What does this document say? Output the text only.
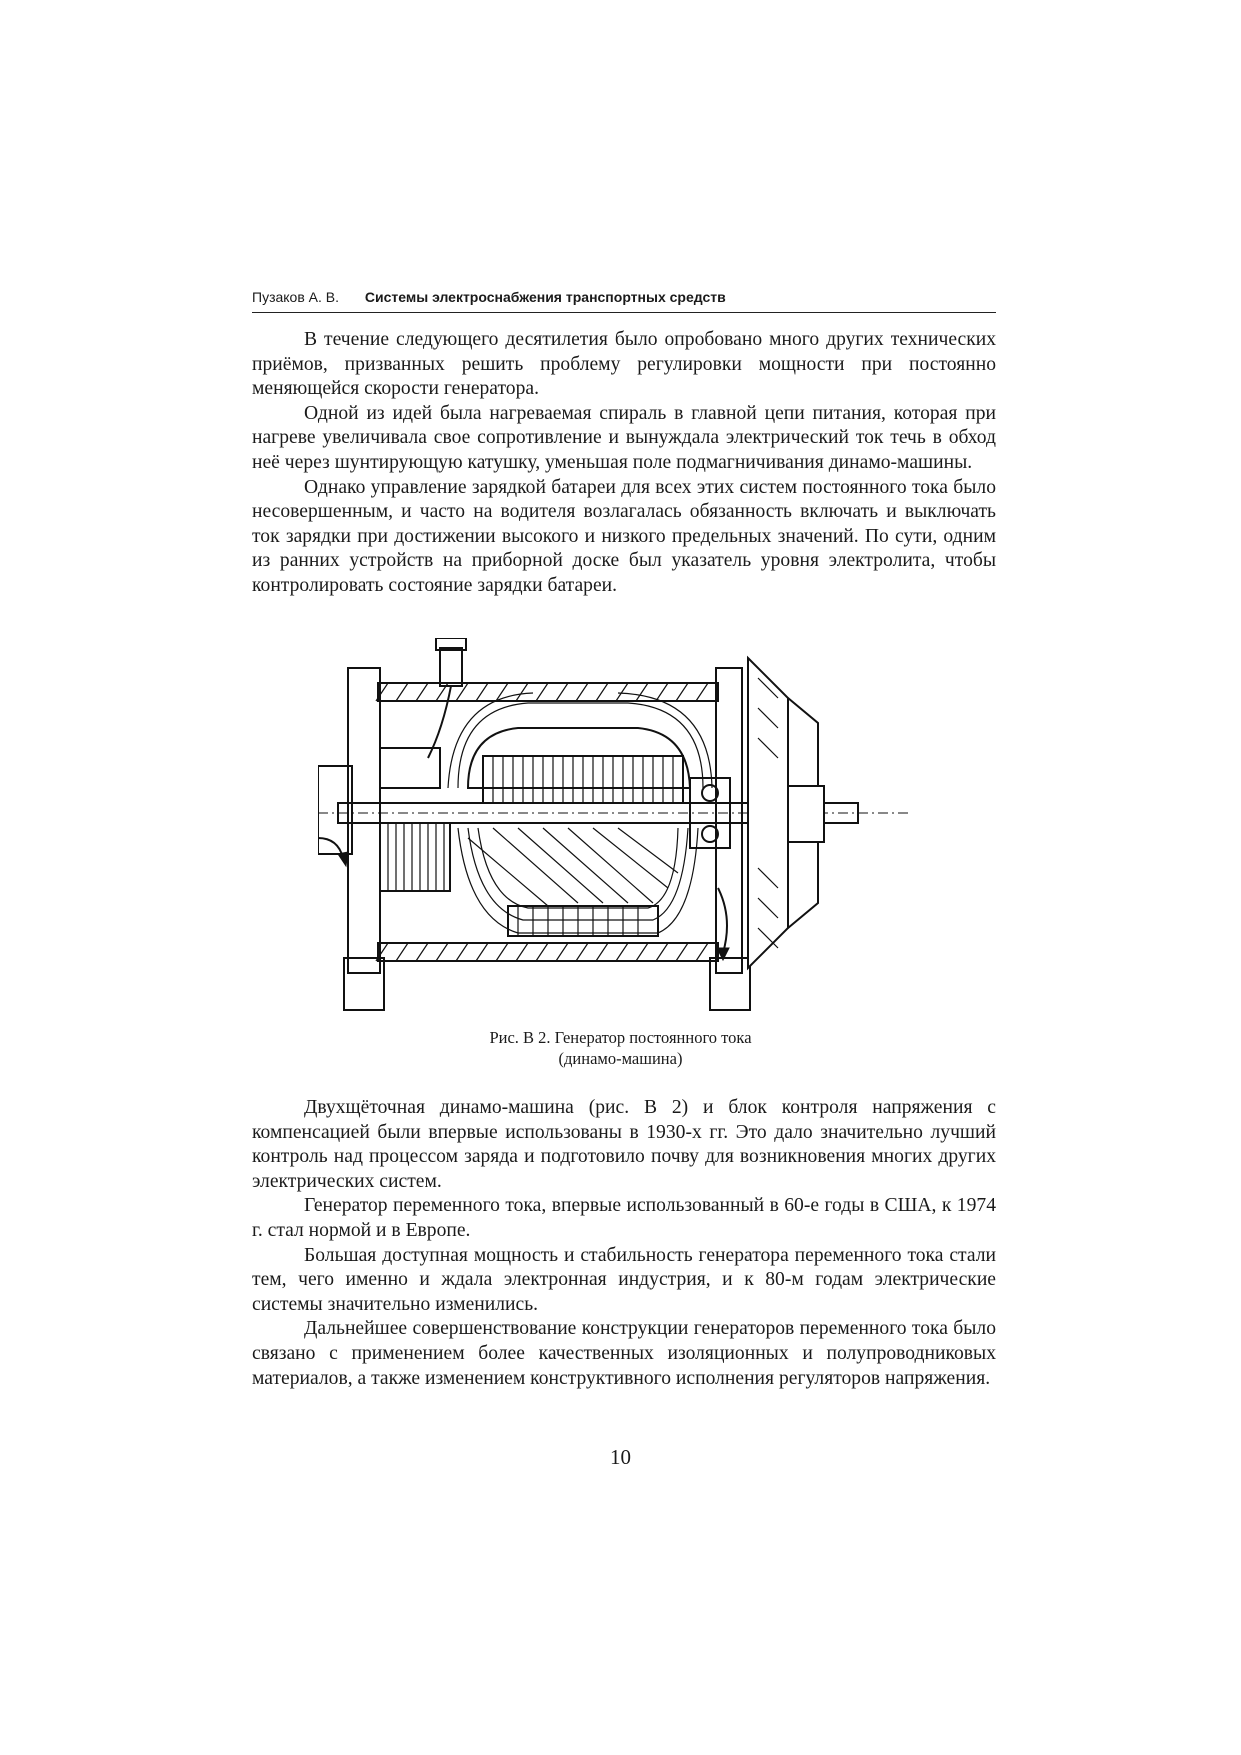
Пузаков А. В. Системы электроснабжения транспортных средств

В течение следующего десятилетия было опробовано много других технических приёмов, призванных решить проблему регулировки мощности при постоянно меняющейся скорости генератора.

Одной из идей была нагреваемая спираль в главной цепи питания, которая при нагреве увеличивала свое сопротивление и вынуждала электрический ток течь в обход неё через шунтирующую катушку, уменьшая поле подмагничивания динамо-машины.

Однако управление зарядкой батареи для всех этих систем постоянного тока было несовершенным, и часто на водителя возлагалась обязанность включать и выключать ток зарядки при достижении высокого и низкого предельных значений. По сути, одним из ранних устройств на приборной доске был указатель уровня электролита, чтобы контролировать состояние зарядки батареи.

Рис. В 2. Генератор постоянного тока
(динамо-машина)

Двухщёточная динамо-машина (рис. В 2) и блок контроля напряжения с компенсацией были впервые использованы в 1930-х гг. Это дало значительно лучший контроль над процессом заряда и подготовило почву для возникновения многих других электрических систем.

Генератор переменного тока, впервые использованный в 60-е годы в США, к 1974 г. стал нормой и в Европе.

Большая доступная мощность и стабильность генератора переменного тока стали тем, чего именно и ждала электронная индустрия, и к 80-м годам электрические системы значительно изменились.

Дальнейшее совершенствование конструкции генераторов переменного тока было связано с применением более качественных изоляционных и полупроводниковых материалов, а также изменением конструктивного исполнения регуляторов напряжения.

10
